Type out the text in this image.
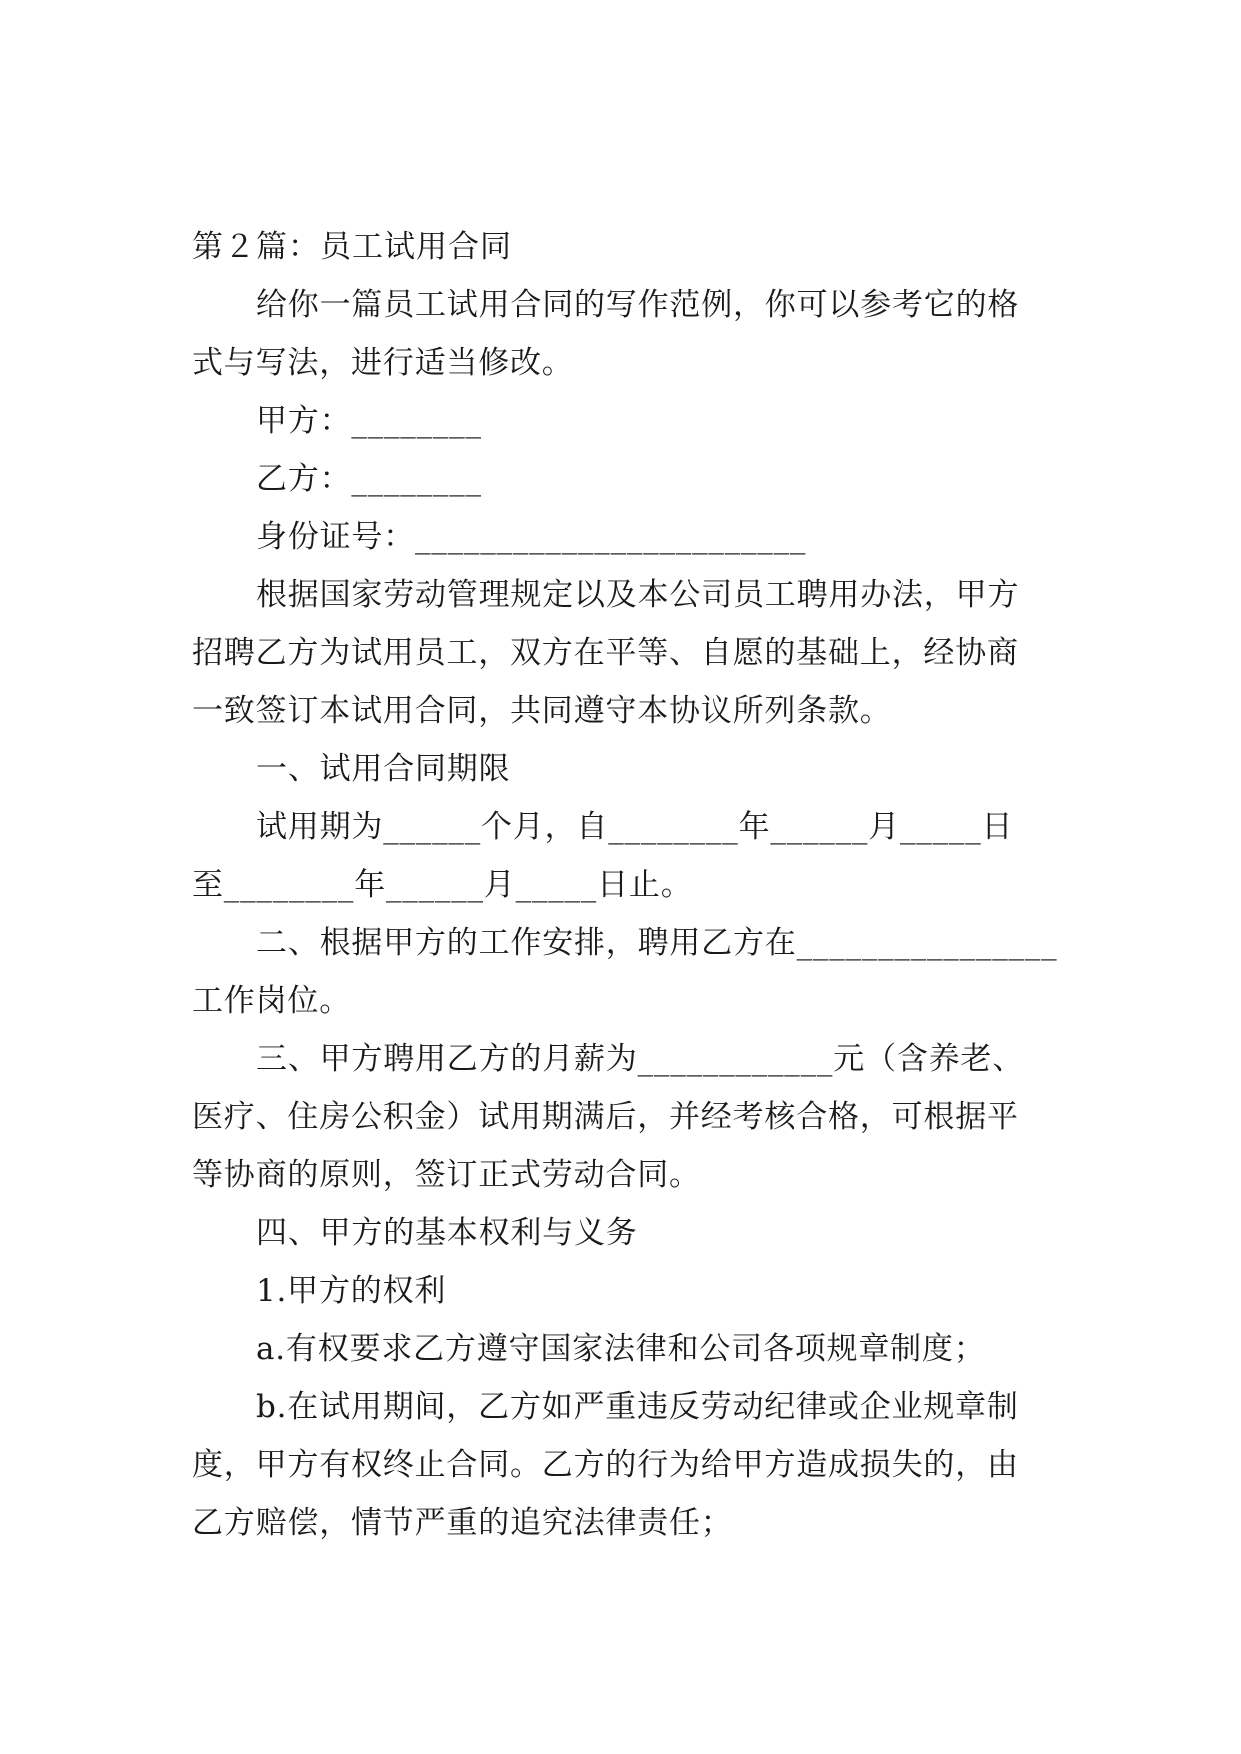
第２篇：员工试用合同
给你一篇员工试用合同的写作范例，你可以参考它的格
式与写法，进行适当修改。
甲方：________
乙方：________
身份证号：________________________
根据国家劳动管理规定以及本公司员工聘用办法，甲方
招聘乙方为试用员工，双方在平等、自愿的基础上，经协商
一致签订本试用合同，共同遵守本协议所列条款。
一、试用合同期限
试用期为______个月，自________年______月_____日
至________年______月_____日止。
二、根据甲方的工作安排，聘用乙方在________________
工作岗位。
三、甲方聘用乙方的月薪为____________元（含养老、
医疗、住房公积金）试用期满后，并经考核合格，可根据平
等协商的原则，签订正式劳动合同。
四、甲方的基本权利与义务
1.甲方的权利
a.有权要求乙方遵守国家法律和公司各项规章制度；
b.在试用期间，乙方如严重违反劳动纪律或企业规章制
度，甲方有权终止合同。乙方的行为给甲方造成损失的，由
乙方赔偿，情节严重的追究法律责任；
